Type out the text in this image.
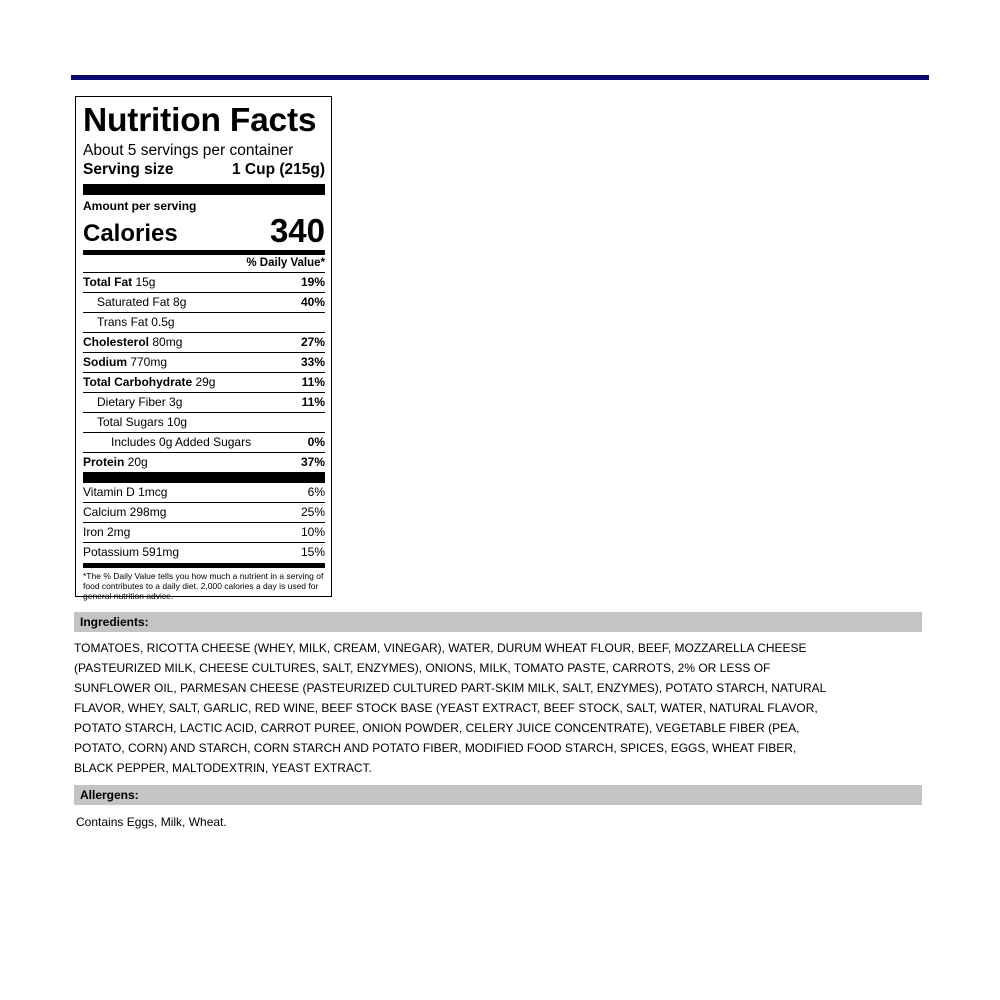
Nutrition Facts
About 5 servings per container
Serving size	1 Cup (215g)
Amount per serving
Calories	340
% Daily Value*
Total Fat 15g	19%
Saturated Fat 8g	40%
Trans Fat 0.5g
Cholesterol 80mg	27%
Sodium 770mg	33%
Total Carbohydrate 29g	11%
Dietary Fiber 3g	11%
Total Sugars 10g
Includes 0g Added Sugars	0%
Protein 20g	37%
Vitamin D 1mcg	6%
Calcium 298mg	25%
Iron 2mg	10%
Potassium 591mg	15%
*The % Daily Value tells you how much a nutrient in a serving of food contributes to a daily diet. 2,000 calories a day is used for general nutrition advice.
Ingredients:
TOMATOES, RICOTTA CHEESE (WHEY, MILK, CREAM, VINEGAR), WATER, DURUM WHEAT FLOUR, BEEF, MOZZARELLA CHEESE
(PASTEURIZED MILK, CHEESE CULTURES, SALT, ENZYMES), ONIONS, MILK, TOMATO PASTE, CARROTS, 2% OR LESS OF
SUNFLOWER OIL, PARMESAN CHEESE (PASTEURIZED CULTURED PART-SKIM MILK, SALT, ENZYMES), POTATO STARCH, NATURAL
FLAVOR, WHEY, SALT, GARLIC, RED WINE, BEEF STOCK BASE (YEAST EXTRACT, BEEF STOCK, SALT, WATER, NATURAL FLAVOR,
POTATO STARCH, LACTIC ACID, CARROT PUREE, ONION POWDER, CELERY JUICE CONCENTRATE), VEGETABLE FIBER (PEA,
POTATO, CORN) AND STARCH, CORN STARCH AND POTATO FIBER, MODIFIED FOOD STARCH, SPICES, EGGS, WHEAT FIBER,
BLACK PEPPER, MALTODEXTRIN, YEAST EXTRACT.
Allergens:
Contains Eggs, Milk, Wheat.
